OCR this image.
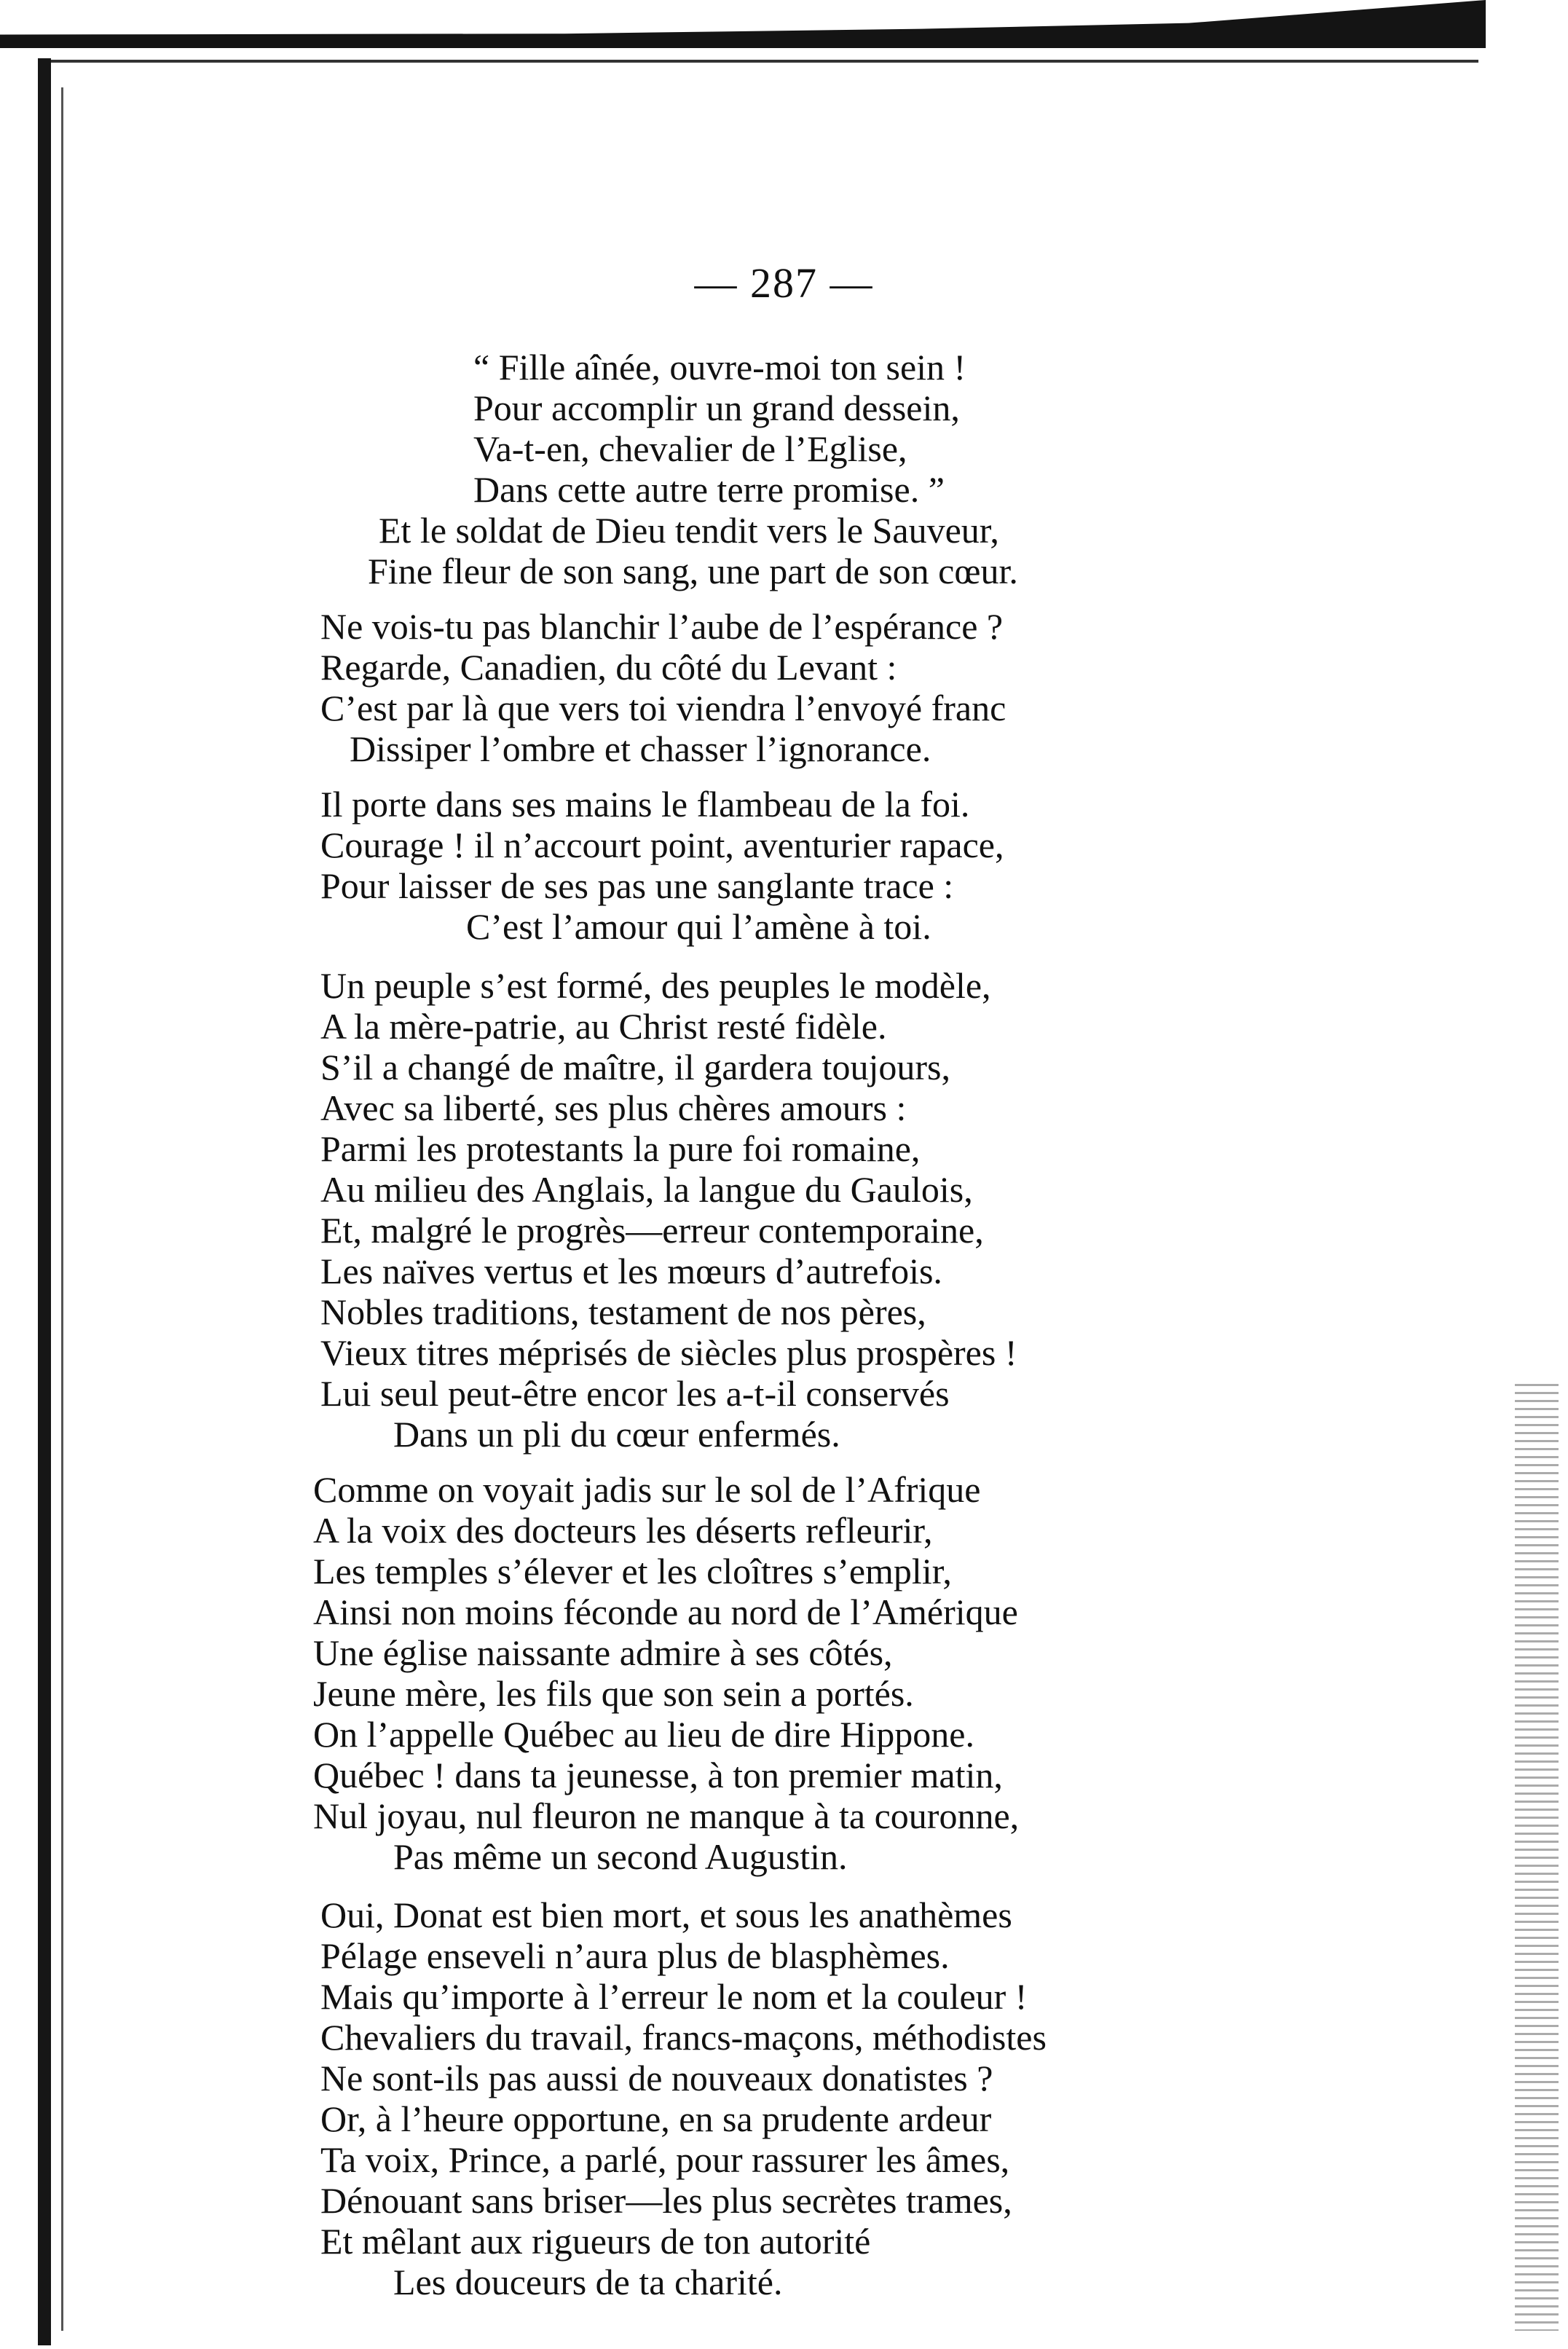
— 287 —
“ Fille aînée, ouvre-moi ton sein !
Pour accomplir un grand dessein,
Va-t-en, chevalier de l’Eglise,
Dans cette autre terre promise. ”
Et le soldat de Dieu tendit vers le Sauveur,
Fine fleur de son sang, une part de son cœur.
Ne vois-tu pas blanchir l’aube de l’espérance ?
Regarde, Canadien, du côté du Levant :
C’est par là que vers toi viendra l’envoyé franc
Dissiper l’ombre et chasser l’ignorance.
Il porte dans ses mains le flambeau de la foi.
Courage ! il n’accourt point, aventurier rapace,
Pour laisser de ses pas une sanglante trace :
C’est l’amour qui l’amène à toi.
Un peuple s’est formé, des peuples le modèle,
A la mère-patrie, au Christ resté fidèle.
S’il a changé de maître, il gardera toujours,
Avec sa liberté, ses plus chères amours :
Parmi les protestants la pure foi romaine,
Au milieu des Anglais, la langue du Gaulois,
Et, malgré le progrès—erreur contemporaine,
Les naïves vertus et les mœurs d’autrefois.
Nobles traditions, testament de nos pères,
Vieux titres méprisés de siècles plus prospères !
Lui seul peut-être encor les a-t-il conservés
Dans un pli du cœur enfermés.
Comme on voyait jadis sur le sol de l’Afrique
A la voix des docteurs les déserts refleurir,
Les temples s’élever et les cloîtres s’emplir,
Ainsi non moins féconde au nord de l’Amérique
Une église naissante admire à ses côtés,
Jeune mère, les fils que son sein a portés.
On l’appelle Québec au lieu de dire Hippone.
Québec ! dans ta jeunesse, à ton premier matin,
Nul joyau, nul fleuron ne manque à ta couronne,
Pas même un second Augustin.
Oui, Donat est bien mort, et sous les anathèmes
Pélage enseveli n’aura plus de blasphèmes.
Mais qu’importe à l’erreur le nom et la couleur !
Chevaliers du travail, francs-maçons, méthodistes
Ne sont-ils pas aussi de nouveaux donatistes ?
Or, à l’heure opportune, en sa prudente ardeur
Ta voix, Prince, a parlé, pour rassurer les âmes,
Dénouant sans briser—les plus secrètes trames,
Et mêlant aux rigueurs de ton autorité
Les douceurs de ta charité.
